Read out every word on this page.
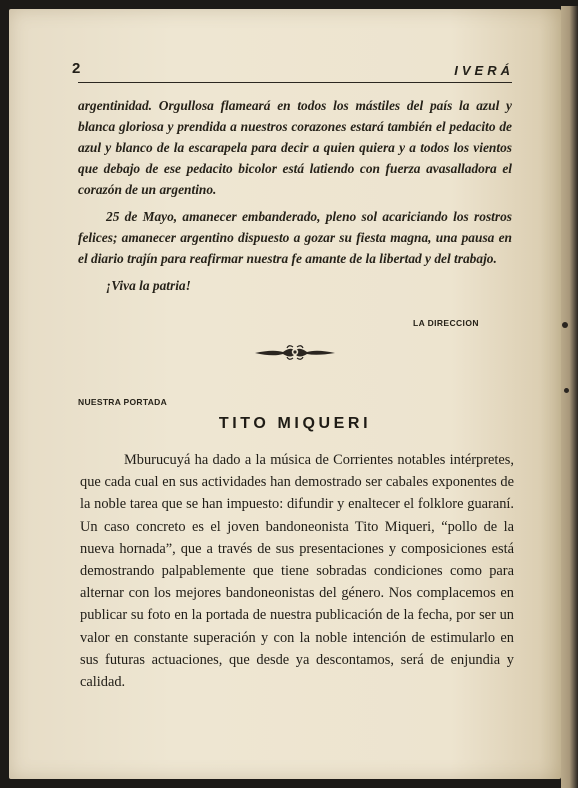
2	IVERÁ

argentinidad. Orgullosa flameará en todos los mástiles del país la azul y blanca gloriosa y prendida a nuestros corazones estará también el pedacito de azul y blanco de la escarapela para decir a quien quiera y a todos los vientos que debajo de ese pedacito bicolor está latiendo con fuerza avasalladora el corazón de un argentino.

25 de Mayo, amanecer embanderado, pleno sol acariciando los rostros felices; amanecer argentino dispuesto a gozar su fiesta magna, una pausa en el diario trajín para reafirmar nuestra fe amante de la libertad y del trabajo.

¡Viva la patria!

LA DIRECCION
NUESTRA PORTADA
TITO MIQUERI

Mburucuyá ha dado a la música de Corrientes notables intérpretes, que cada cual en sus actividades han demostrado ser cabales exponentes de la noble tarea que se han impuesto: difundir y enaltecer el folklore guaraní. Un caso concreto es el joven bandoneonista Tito Miqueri, “pollo de la nueva hornada”, que a través de sus presentaciones y composiciones está demostrando palpablemente que tiene sobradas condiciones como para alternar con los mejores bandoneonistas del género. Nos complacemos en publicar su foto en la portada de nuestra publicación de la fecha, por ser un valor en constante superación y con la noble intención de estimularlo en sus futuras actuaciones, que desde ya descontamos, será de enjundia y calidad.
